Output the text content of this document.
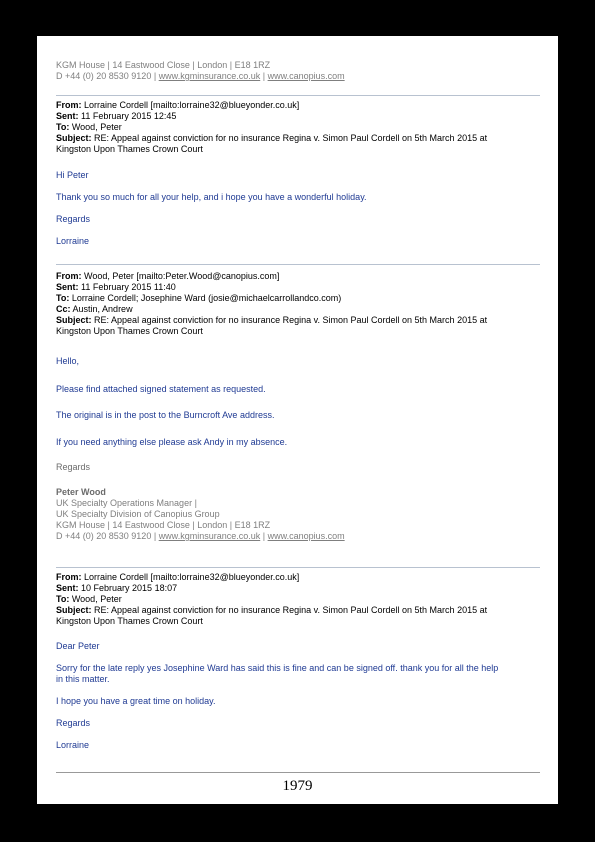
KGM House | 14 Eastwood Close | London | E18 1RZ
D +44 (0) 20 8530 9120 | www.kgminsurance.co.uk | www.canopius.com
From: Lorraine Cordell [mailto:lorraine32@blueyonder.co.uk]
Sent: 11 February 2015 12:45
To: Wood, Peter
Subject: RE: Appeal against conviction for no insurance Regina v. Simon Paul Cordell on 5th March 2015 at
Kingston Upon Thames Crown Court
Hi Peter
Thank you so much for all your help, and i hope you have a wonderful holiday.
Regards
Lorraine
From: Wood, Peter [mailto:Peter.Wood@canopius.com]
Sent: 11 February 2015 11:40
To: Lorraine Cordell; Josephine Ward (josie@michaelcarrollandco.com)
Cc: Austin, Andrew
Subject: RE: Appeal against conviction for no insurance Regina v. Simon Paul Cordell on 5th March 2015 at
Kingston Upon Thames Crown Court
Hello,
Please find attached signed statement as requested.
The original is in the post to the Burncroft Ave address.
If you need anything else please ask Andy in my absence.
Regards
Peter Wood
UK Specialty Operations Manager |
UK Specialty Division of Canopius Group
KGM House | 14 Eastwood Close | London | E18 1RZ
D +44 (0) 20 8530 9120 | www.kgminsurance.co.uk | www.canopius.com
From: Lorraine Cordell [mailto:lorraine32@blueyonder.co.uk]
Sent: 10 February 2015 18:07
To: Wood, Peter
Subject: RE: Appeal against conviction for no insurance Regina v. Simon Paul Cordell on 5th March 2015 at
Kingston Upon Thames Crown Court
Dear Peter
Sorry for the late reply yes Josephine Ward has said this is fine and can be signed off. thank you for all the help
in this matter.
I hope you have a great time on holiday.
Regards
Lorraine
1979
